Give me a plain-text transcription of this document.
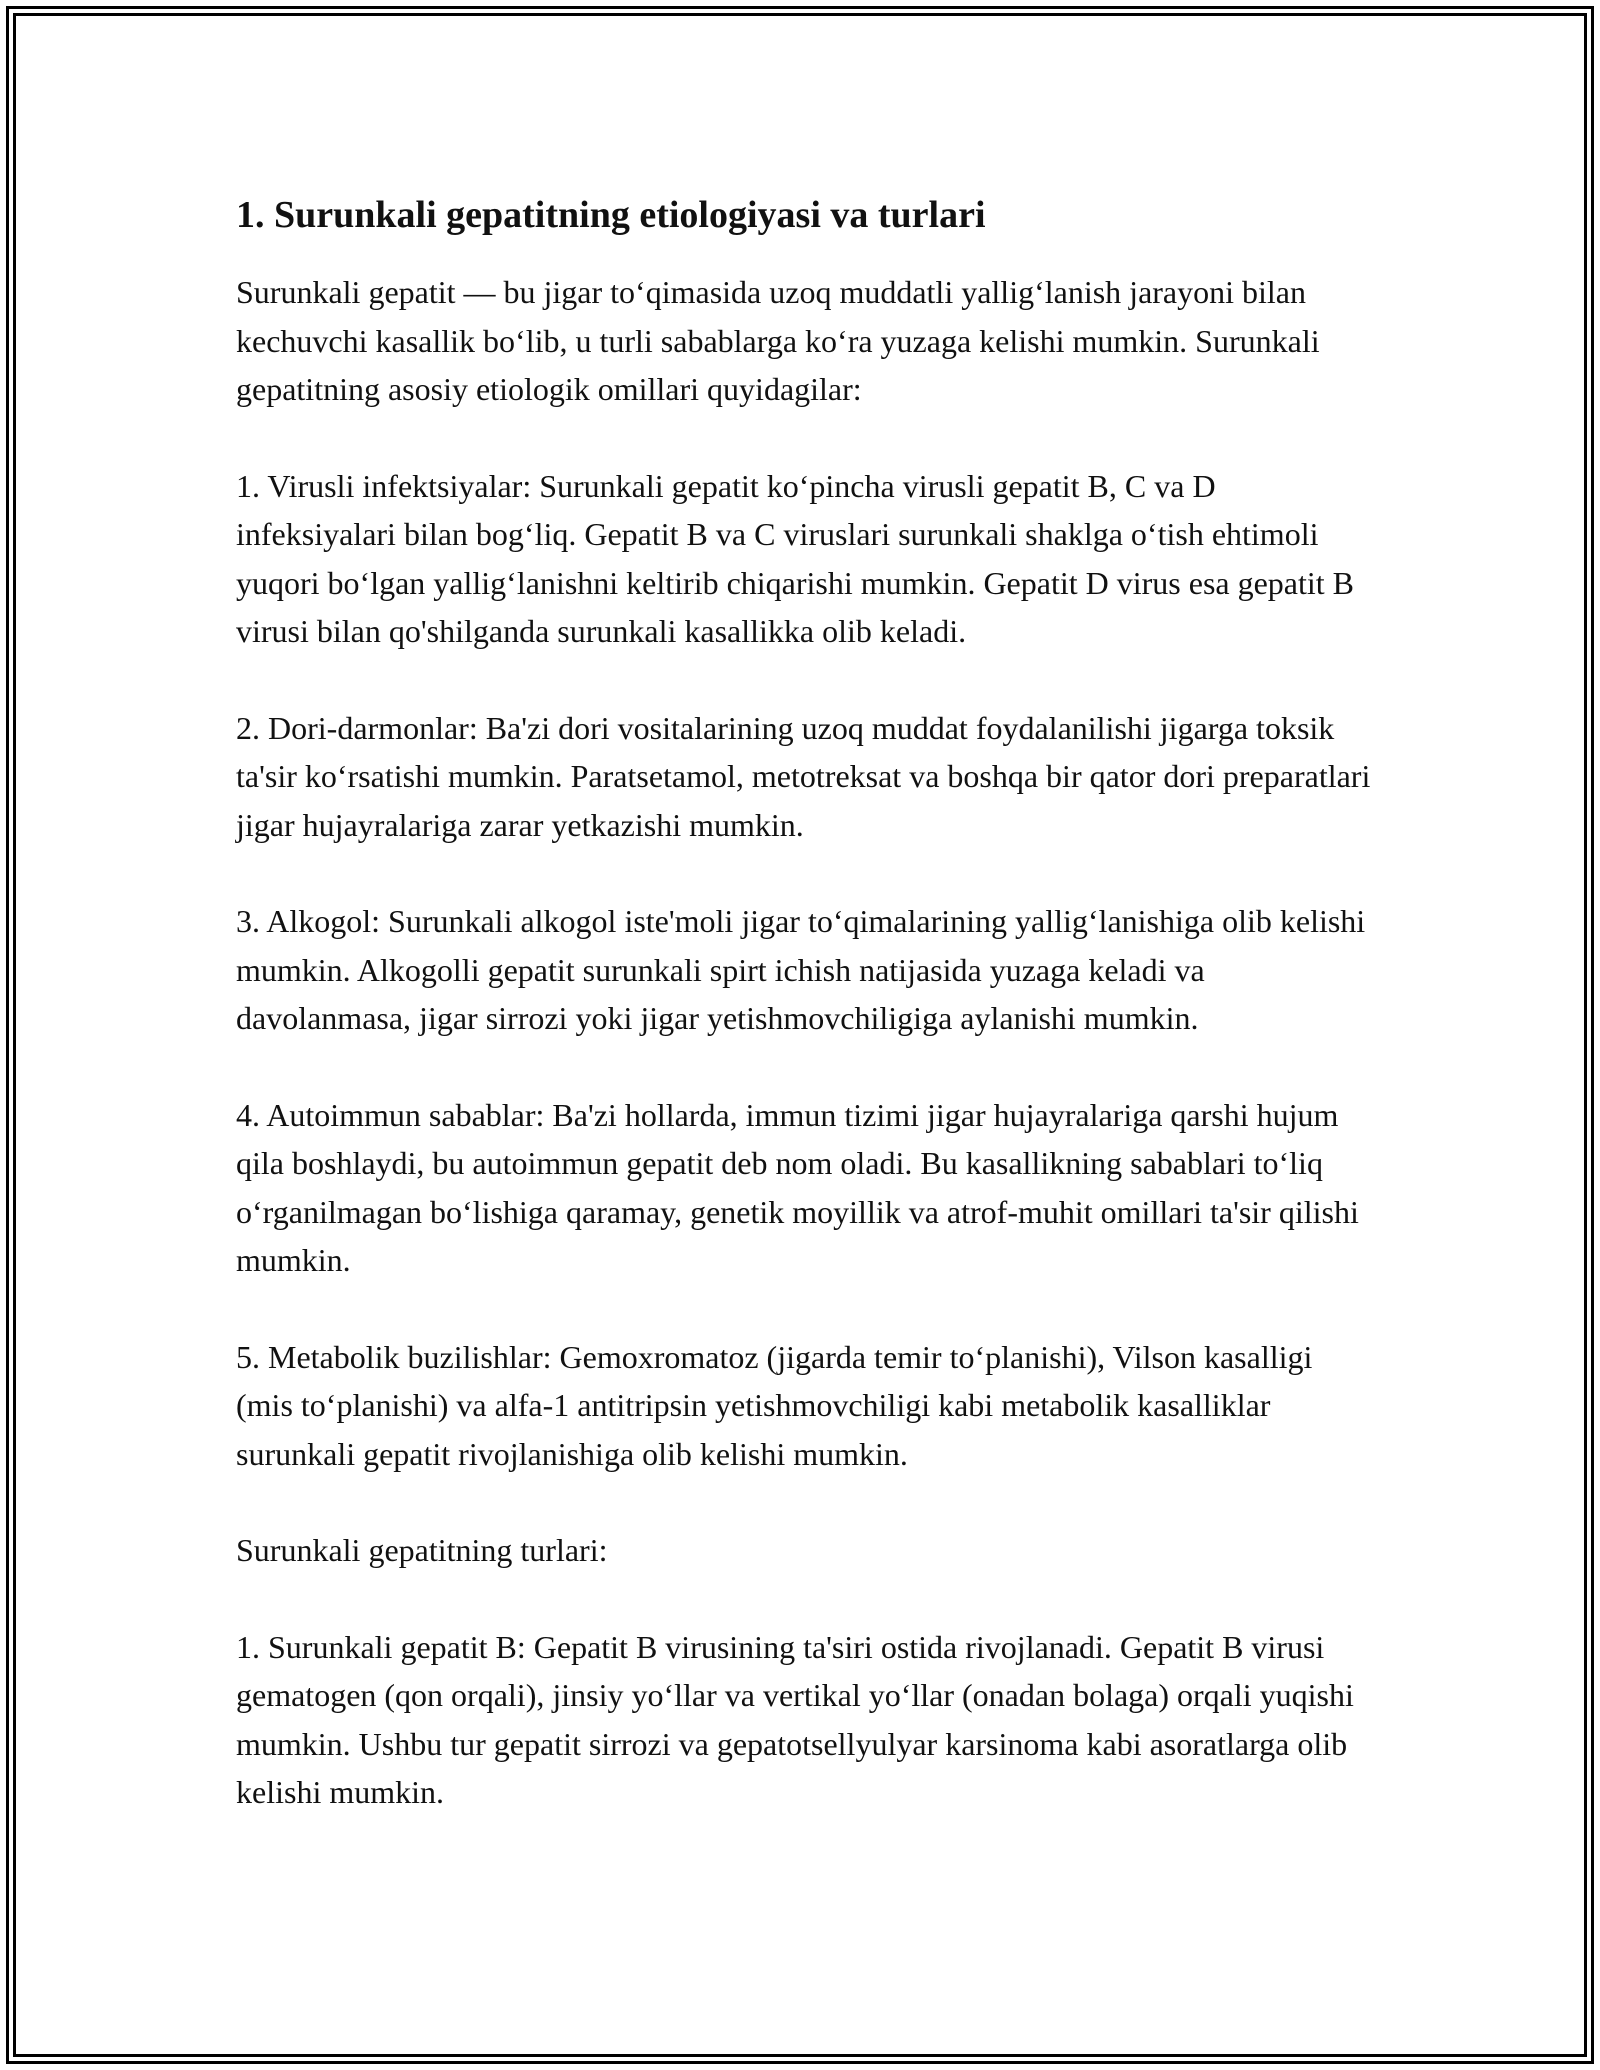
1. Surunkali gepatitning etiologiyasi va turlari

Surunkali gepatit — bu jigar to‘qimasida uzoq muddatli yallig‘lanish jarayoni bilan kechuvchi kasallik bo‘lib, u turli sabablarga ko‘ra yuzaga kelishi mumkin. Surunkali gepatitning asosiy etiologik omillari quyidagilar:

1. Virusli infektsiyalar: Surunkali gepatit ko‘pincha virusli gepatit B, C va D infeksiyalari bilan bog‘liq. Gepatit B va C viruslari surunkali shaklga o‘tish ehtimoli yuqori bo‘lgan yallig‘lanishni keltirib chiqarishi mumkin. Gepatit D virus esa gepatit B virusi bilan qo'shilganda surunkali kasallikka olib keladi.

2. Dori-darmonlar: Ba'zi dori vositalarining uzoq muddat foydalanilishi jigarga toksik ta'sir ko‘rsatishi mumkin. Paratsetamol, metotreksat va boshqa bir qator dori preparatlari jigar hujayralariga zarar yetkazishi mumkin.

3. Alkogol: Surunkali alkogol iste'moli jigar to‘qimalarining yallig‘lanishiga olib kelishi mumkin. Alkogolli gepatit surunkali spirt ichish natijasida yuzaga keladi va davolanmasa, jigar sirrozi yoki jigar yetishmovchiligiga aylanishi mumkin.

4. Autoimmun sabablar: Ba'zi hollarda, immun tizimi jigar hujayralariga qarshi hujum qila boshlaydi, bu autoimmun gepatit deb nom oladi. Bu kasallikning sabablari to‘liq o‘rganilmagan bo‘lishiga qaramay, genetik moyillik va atrof-muhit omillari ta'sir qilishi mumkin.

5. Metabolik buzilishlar: Gemoxromatoz (jigarda temir to‘planishi), Vilson kasalligi (mis to‘planishi) va alfa-1 antitripsin yetishmovchiligi kabi metabolik kasalliklar surunkali gepatit rivojlanishiga olib kelishi mumkin.

Surunkali gepatitning turlari:

1. Surunkali gepatit B: Gepatit B virusining ta'siri ostida rivojlanadi. Gepatit B virusi gematogen (qon orqali), jinsiy yo‘llar va vertikal yo‘llar (onadan bolaga) orqali yuqishi mumkin. Ushbu tur gepatit sirrozi va gepatotsellyulyar karsinoma kabi asoratlarga olib kelishi mumkin.
